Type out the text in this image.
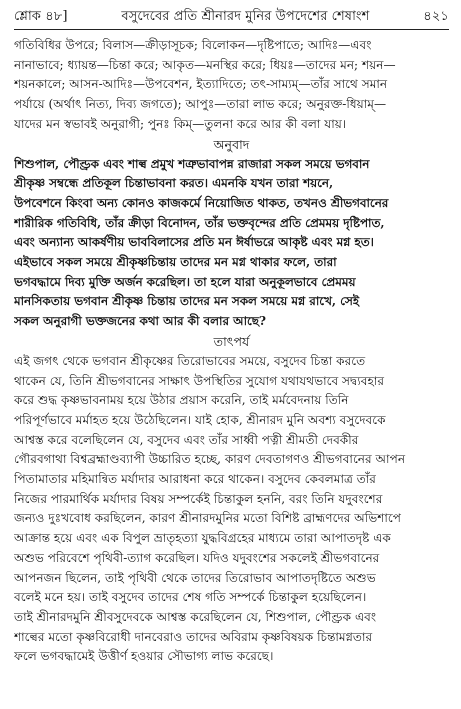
শ্লোক ৪৮]	বসুদেবের প্রতি শ্রীনারদ মুনির উপদেশের শেষাংশ	৪২১

গতিবিধির উপরে; বিলাস—ক্রীড়াসূচক; বিলোকন—দৃষ্টিপাতে; আদিঃ—এবং

নানাভাবে; ধ্যায়ন্ত—চিন্তা করে; আকৃত—মনস্থির করে; ধিয়ঃ—তাদের মন; শয়ন—

শয়নকালে; আসন-আদিঃ—উপবেশন, ইত্যাদিতে; তৎ-সাম্যম্—তাঁর সাথে সমান

পর্যায়ে (অর্থাৎ নিত্য, দিব্য জগতে); আপুঃ—তারা লাভ করে; অনুরক্ত-ধিয়াম্—

যাদের মন স্বভাবই অনুরাগী; পুনঃ কিম্—তুলনা করে আর কী বলা যায়।

অনুবাদ

শিশুপাল, পৌণ্ড্রক এবং শাল্ব প্রমুখ শত্রুভাবাপন্ন রাজারা সকল সময়ে ভগবান

শ্রীকৃষ্ণ সম্বন্ধে প্রতিকূল চিন্তাভাবনা করত। এমনকি যখন তারা শয়নে,

উপবেশনে কিংবা অন্য কোনও কাজকর্মে নিয়োজিত থাকত, তখনও শ্রীভগবানের

শারীরিক গতিবিধি, তাঁর ক্রীড়া বিনোদন, তাঁর ভক্তবৃন্দের প্রতি প্রেমময় দৃষ্টিপাত,

এবং অন্যান্য আকর্ষণীয় ভাববিলাসের প্রতি মন ঈর্ষাভরে আকৃষ্ট এবং মগ্ন হত।

এইভাবে সকল সময়ে শ্রীকৃষ্ণচিন্তায় তাদের মন মগ্ন থাকার ফলে, তারা

ভগবদ্ধামে দিব্য মুক্তি অর্জন করেছিল। তা হলে যারা অনুকূলভাবে প্রেমময়

মানসিকতায় ভগবান শ্রীকৃষ্ণ চিন্তায় তাদের মন সকল সময়ে মগ্ন রাখে, সেই

সকল অনুরাগী ভক্তজনের কথা আর কী বলার আছে?

তাৎপর্য

এই জগৎ থেকে ভগবান শ্রীকৃষ্ণের তিরোভাবের সময়ে, বসুদেব চিন্তা করতে

থাকেন যে, তিনি শ্রীভগবানের সাক্ষাৎ উপস্থিতির সুযোগ যথাযথভাবে সদ্ব্যবহার

করে শুদ্ধ কৃষ্ণভাবনাময় হয়ে উঠার প্রয়াস করেনি, তাই মর্মবেদনায় তিনি

পরিপূর্ণভাবে মর্মাহত হয়ে উঠেছিলেন। যাই হোক, শ্রীনারদ মুনি অবশ্য বসুদেবকে

আশ্বস্ত করে বলেছিলেন যে, বসুদেব এবং তাঁর সাধ্বী পত্নী শ্রীমতী দেবকীর

গৌরবগাথা বিশ্বব্রহ্মাণ্ডব্যাপী উচ্চারিত হচ্ছে, কারণ দেবতাগণও শ্রীভগবানের আপন

পিতামাতার মহিমান্বিত মর্যাদার আরাধনা করে থাকেন। বসুদেব কেবলমাত্র তাঁর

নিজের পারমার্থিক মর্যাদার বিষয় সম্পর্কেই চিন্তাকুল হননি, বরং তিনি যদুবংশের

জন্যও দুঃখবোধ করছিলেন, কারণ শ্রীনারদমুনির মতো বিশিষ্ট ব্রাহ্মণদের অভিশাপে

আক্রান্ত হয়ে এবং এক বিপুল ভ্রাতৃহত্যা যুদ্ধবিগ্রহের মাধ্যমে তারা আপাতদৃষ্ট এক

অশুভ পরিবেশে পৃথিবী-ত্যাগ করেছিল। যদিও যদুবংশের সকলেই শ্রীভগবানের

আপনজন ছিলেন, তাই পৃথিবী থেকে তাদের তিরোভাব আপাতদৃষ্টিতে অশুভ

বলেই মনে হয়। তাই বসুদেব তাদের শেষ গতি সম্পর্কে চিন্তাকুল হয়েছিলেন।

তাই শ্রীনারদমুনি শ্রীবসুদেবকে আশ্বস্ত করেছিলেন যে, শিশুপাল, পৌণ্ড্রক এবং

শাল্বের মতো কৃষ্ণবিরোধী দানবেরাও তাদের অবিরাম কৃষ্ণবিষয়ক চিন্তামগ্নতার

ফলে ভগবদ্ধামেই উত্তীর্ণ হওয়ার সৌভাগ্য লাভ করেছে।
